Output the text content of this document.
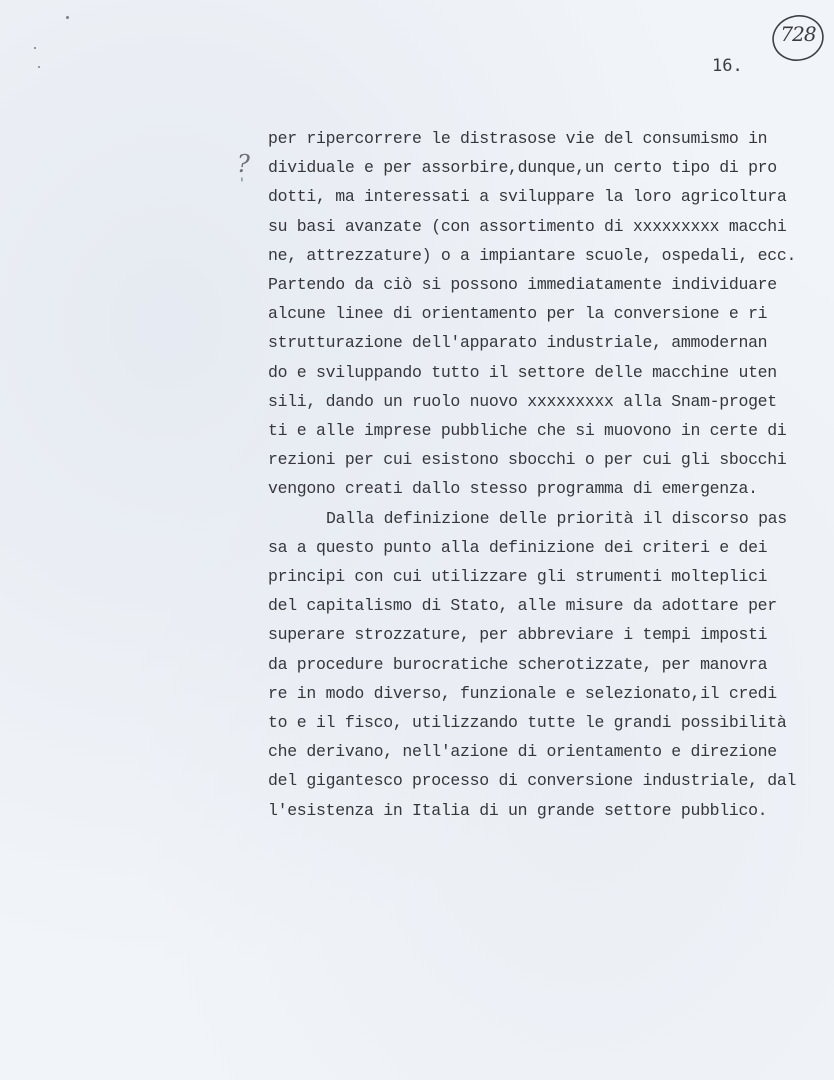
728
16.
?
'
per ripercorrere le distrasose vie del consumismo in
dividuale e per assorbire,dunque,un certo tipo di pro
dotti, ma interessati a sviluppare la loro agricoltura
su basi avanzate (con assortimento di xxxxxxxxx macchi
ne, attrezzature) o a impiantare scuole, ospedali, ecc.
Partendo da ciò si possono immediatamente individuare
alcune linee di orientamento per la conversione e ri
strutturazione dell'apparato industriale, ammodernan
do e sviluppando tutto il settore delle macchine uten
sili, dando un ruolo nuovo xxxxxxxxx alla Snam-proget
ti e alle imprese pubbliche che si muovono in certe di
rezioni per cui esistono sbocchi o per cui gli sbocchi
vengono creati dallo stesso programma di emergenza.
Dalla definizione delle priorità il discorso pas
sa a questo punto alla definizione dei criteri e dei
principi con cui utilizzare gli strumenti molteplici
del capitalismo di Stato, alle misure da adottare per
superare strozzature, per abbreviare i tempi imposti
da procedure burocratiche scherotizzate, per manovra
re in modo diverso, funzionale e selezionato,il credi
to e il fisco, utilizzando tutte le grandi possibilità
che derivano, nell'azione di orientamento e direzione
del gigantesco processo di conversione industriale, dal
l'esistenza in Italia di un grande settore pubblico.
